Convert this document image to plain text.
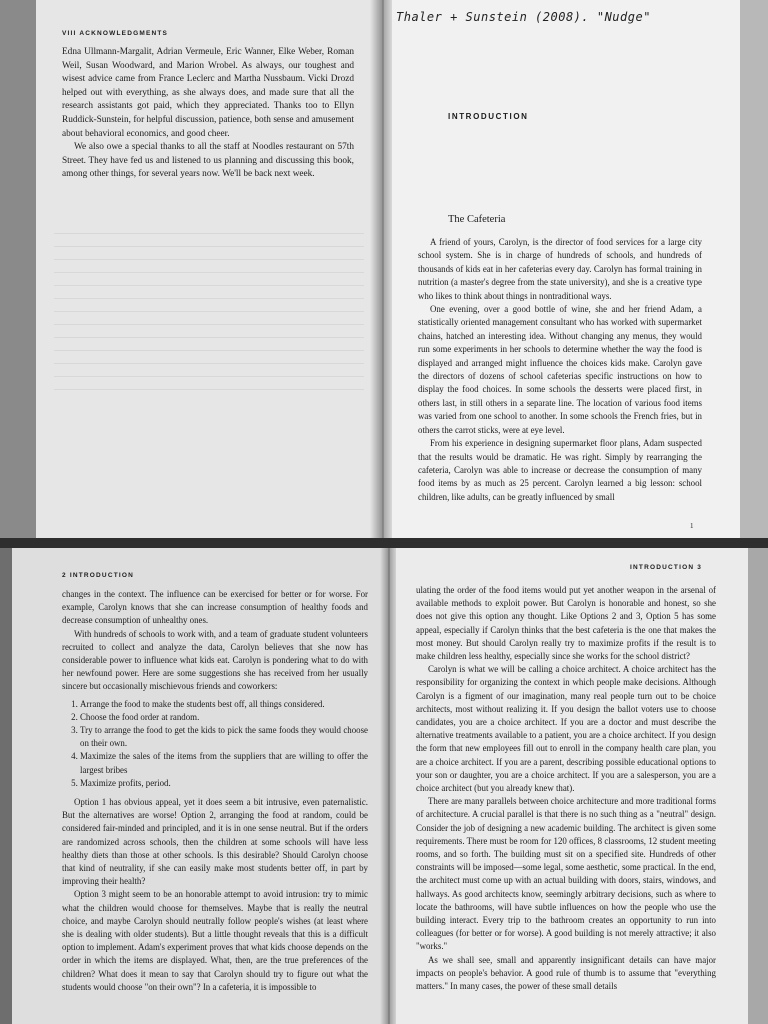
VIII ACKNOWLEDGMENTS

Edna Ullmann-Margalit, Adrian Vermeule, Eric Wanner, Elke Weber, Roman Weil, Susan Woodward, and Marion Wrobel. As always, our toughest and wisest advice came from France Leclerc and Martha Nussbaum. Vicki Drozd helped out with everything, as she always does, and made sure that all the research assistants got paid, which they appreciated. Thanks too to Ellyn Ruddick-Sunstein, for helpful discussion, patience, both sense and amusement about behavioral economics, and good cheer.

We also owe a special thanks to all the staff at Noodles restaurant on 57th Street. They have fed us and listened to us planning and discussing this book, among other things, for several years now. We'll be back next week.

Thaler + Sunstein (2008). "Nudge"
INTRODUCTION
The Cafeteria

A friend of yours, Carolyn, is the director of food services for a large city school system. She is in charge of hundreds of schools, and hundreds of thousands of kids eat in her cafeterias every day. Carolyn has formal training in nutrition (a master's degree from the state university), and she is a creative type who likes to think about things in nontraditional ways.

One evening, over a good bottle of wine, she and her friend Adam, a statistically oriented management consultant who has worked with supermarket chains, hatched an interesting idea. Without changing any menus, they would run some experiments in her schools to determine whether the way the food is displayed and arranged might influence the choices kids make. Carolyn gave the directors of dozens of school cafeterias specific instructions on how to display the food choices. In some schools the desserts were placed first, in others last, in still others in a separate line. The location of various food items was varied from one school to another. In some schools the French fries, but in others the carrot sticks, were at eye level.

From his experience in designing supermarket floor plans, Adam suspected that the results would be dramatic. He was right. Simply by rearranging the cafeteria, Carolyn was able to increase or decrease the consumption of many food items by as much as 25 percent. Carolyn learned a big lesson: school children, like adults, can be greatly influenced by small

1
2 INTRODUCTION

changes in the context. The influence can be exercised for better or for worse. For example, Carolyn knows that she can increase consumption of healthy foods and decrease consumption of unhealthy ones.

With hundreds of schools to work with, and a team of graduate student volunteers recruited to collect and analyze the data, Carolyn believes that she now has considerable power to influence what kids eat. Carolyn is pondering what to do with her newfound power. Here are some suggestions she has received from her usually sincere but occasionally mischievous friends and coworkers:

1. Arrange the food to make the students best off, all things considered.
2. Choose the food order at random.
3. Try to arrange the food to get the kids to pick the same foods they would choose on their own.
4. Maximize the sales of the items from the suppliers that are willing to offer the largest bribes
5. Maximize profits, period.

Option 1 has obvious appeal, yet it does seem a bit intrusive, even paternalistic. But the alternatives are worse! Option 2, arranging the food at random, could be considered fair-minded and principled, and it is in one sense neutral. But if the orders are randomized across schools, then the children at some schools will have less healthy diets than those at other schools. Is this desirable? Should Carolyn choose that kind of neutrality, if she can easily make most students better off, in part by improving their health?

Option 3 might seem to be an honorable attempt to avoid intrusion: try to mimic what the children would choose for themselves. Maybe that is really the neutral choice, and maybe Carolyn should neutrally follow people's wishes (at least where she is dealing with older students). But a little thought reveals that this is a difficult option to implement. Adam's experiment proves that what kids choose depends on the order in which the items are displayed. What, then, are the true preferences of the children? What does it mean to say that Carolyn should try to figure out what the students would choose "on their own"? In a cafeteria, it is impossible to

INTRODUCTION 3

ulating the order of the food items would put yet another weapon in the arsenal of available methods to exploit power. But Carolyn is honorable and honest, so she does not give this option any thought. Like Options 2 and 3, Option 5 has some appeal, especially if Carolyn thinks that the best cafeteria is the one that makes the most money. But should Carolyn really try to maximize profits if the result is to make children less healthy, especially since she works for the school district?

Carolyn is what we will be calling a choice architect. A choice architect has the responsibility for organizing the context in which people make decisions. Although Carolyn is a figment of our imagination, many real people turn out to be choice architects, most without realizing it. If you design the ballot voters use to choose candidates, you are a choice architect. If you are a doctor and must describe the alternative treatments available to a patient, you are a choice architect. If you design the form that new employees fill out to enroll in the company health care plan, you are a choice architect. If you are a parent, describing possible educational options to your son or daughter, you are a choice architect. If you are a salesperson, you are a choice architect (but you already knew that).

There are many parallels between choice architecture and more traditional forms of architecture. A crucial parallel is that there is no such thing as a "neutral" design. Consider the job of designing a new academic building. The architect is given some requirements. There must be room for 120 offices, 8 classrooms, 12 student meeting rooms, and so forth. The building must sit on a specified site. Hundreds of other constraints will be imposed—some legal, some aesthetic, some practical. In the end, the architect must come up with an actual building with doors, stairs, windows, and hallways. As good architects know, seemingly arbitrary decisions, such as where to locate the bathrooms, will have subtle influences on how the people who use the building interact. Every trip to the bathroom creates an opportunity to run into colleagues (for better or for worse). A good building is not merely attractive; it also "works."

As we shall see, small and apparently insignificant details can have major impacts on people's behavior. A good rule of thumb is to assume that "everything matters." In many cases, the power of these small details
